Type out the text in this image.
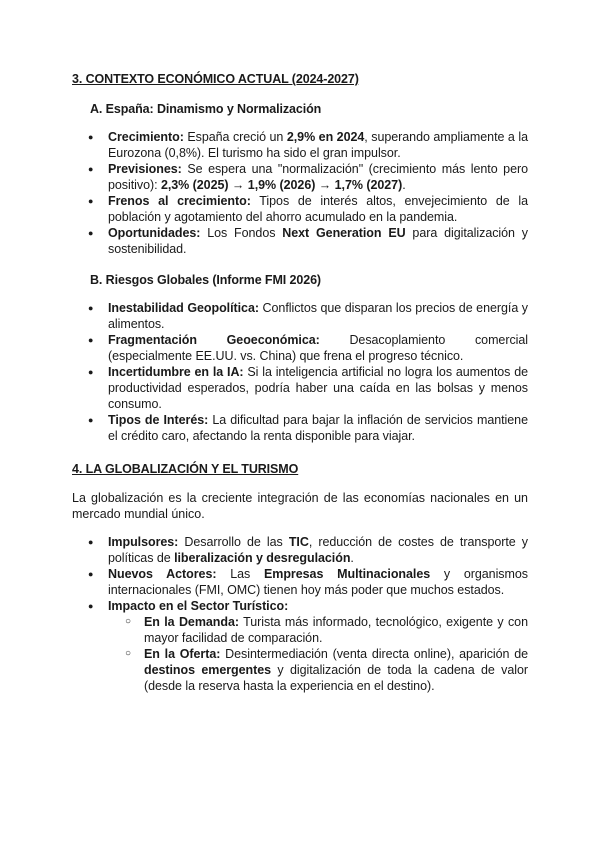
3. CONTEXTO ECONÓMICO ACTUAL (2024-2027)
A. España: Dinamismo y Normalización
● Crecimiento: España creció un 2,9% en 2024, superando ampliamente a la Eurozona (0,8%). El turismo ha sido el gran impulsor.
● Previsiones: Se espera una "normalización" (crecimiento más lento pero positivo): 2,3% (2025) → 1,9% (2026) → 1,7% (2027).
● Frenos al crecimiento: Tipos de interés altos, envejecimiento de la población y agotamiento del ahorro acumulado en la pandemia.
● Oportunidades: Los Fondos Next Generation EU para digitalización y sostenibilidad.
B. Riesgos Globales (Informe FMI 2026)
● Inestabilidad Geopolítica: Conflictos que disparan los precios de energía y alimentos.
● Fragmentación Geoeconómica: Desacoplamiento comercial (especialmente EE.UU. vs. China) que frena el progreso técnico.
● Incertidumbre en la IA: Si la inteligencia artificial no logra los aumentos de productividad esperados, podría haber una caída en las bolsas y menos consumo.
● Tipos de Interés: La dificultad para bajar la inflación de servicios mantiene el crédito caro, afectando la renta disponible para viajar.
4. LA GLOBALIZACIÓN Y EL TURISMO
La globalización es la creciente integración de las economías nacionales en un mercado mundial único.
● Impulsores: Desarrollo de las TIC, reducción de costes de transporte y políticas de liberalización y desregulación.
● Nuevos Actores: Las Empresas Multinacionales y organismos internacionales (FMI, OMC) tienen hoy más poder que muchos estados.
● Impacto en el Sector Turístico:
○ En la Demanda: Turista más informado, tecnológico, exigente y con mayor facilidad de comparación.
○ En la Oferta: Desintermediación (venta directa online), aparición de destinos emergentes y digitalización de toda la cadena de valor (desde la reserva hasta la experiencia en el destino).
